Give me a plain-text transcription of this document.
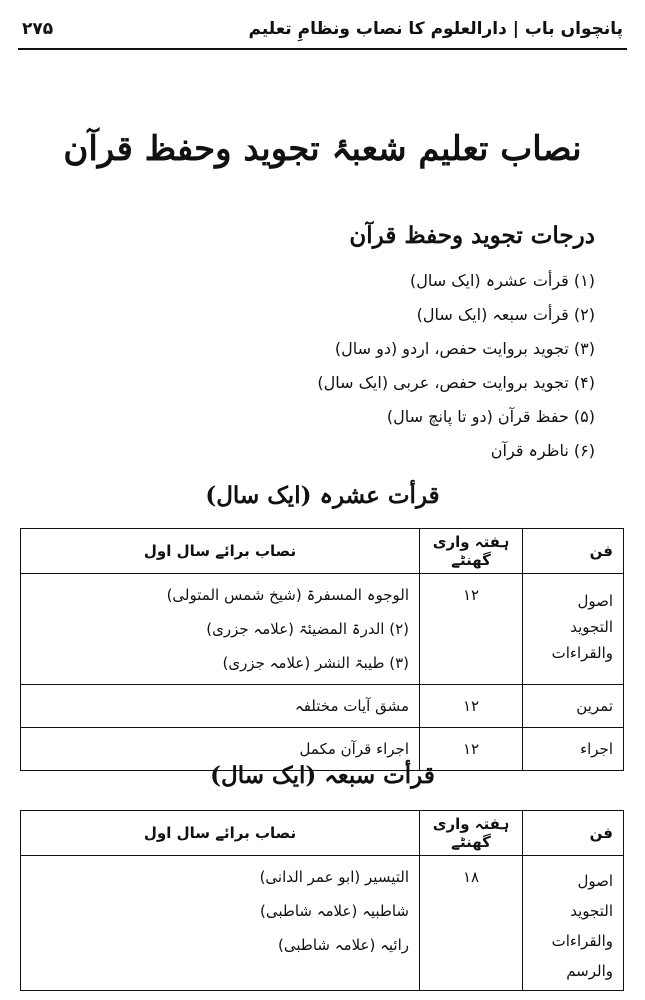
پانچواں باب | دارالعلوم کا نصاب ونظامِ تعلیم
۲۷۵
نصاب تعلیم شعبۂ تجوید وحفظ قرآن
درجات تجوید وحفظ قرآن
(۱) قرأت عشرہ (ایک سال)
(۲) قرأت سبعہ (ایک سال)
(۳) تجوید بروایت حفص، اردو (دو سال)
(۴) تجوید بروایت حفص، عربی (ایک سال)
(۵) حفظ قرآن (دو تا پانچ سال)
(۶) ناظرہ قرآن
قرأت عشرہ (ایک سال)
فن	ہفتہ واری گھنٹے	نصاب برائے سال اول

اصول التجوید والقراءات	۱۲	الوجوہ المسفرۃ (شیخ شمس المتولی)
(۲) الدرۃ المضیئۃ (علامہ جزری)
(۳) طیبۃ النشر (علامہ جزری)

تمرین	۱۲	مشق آیات مختلفہ

اجراء	۱۲	اجراء قرآن مکمل
قرأت سبعہ (ایک سال)
فن	ہفتہ واری گھنٹے	نصاب برائے سال اول

اصول التجوید والقراءات والرسم	۱۸	التیسیر (ابو عمر الدانی)
شاطبیہ (علامہ شاطبی)
رائیہ (علامہ شاطبی)
